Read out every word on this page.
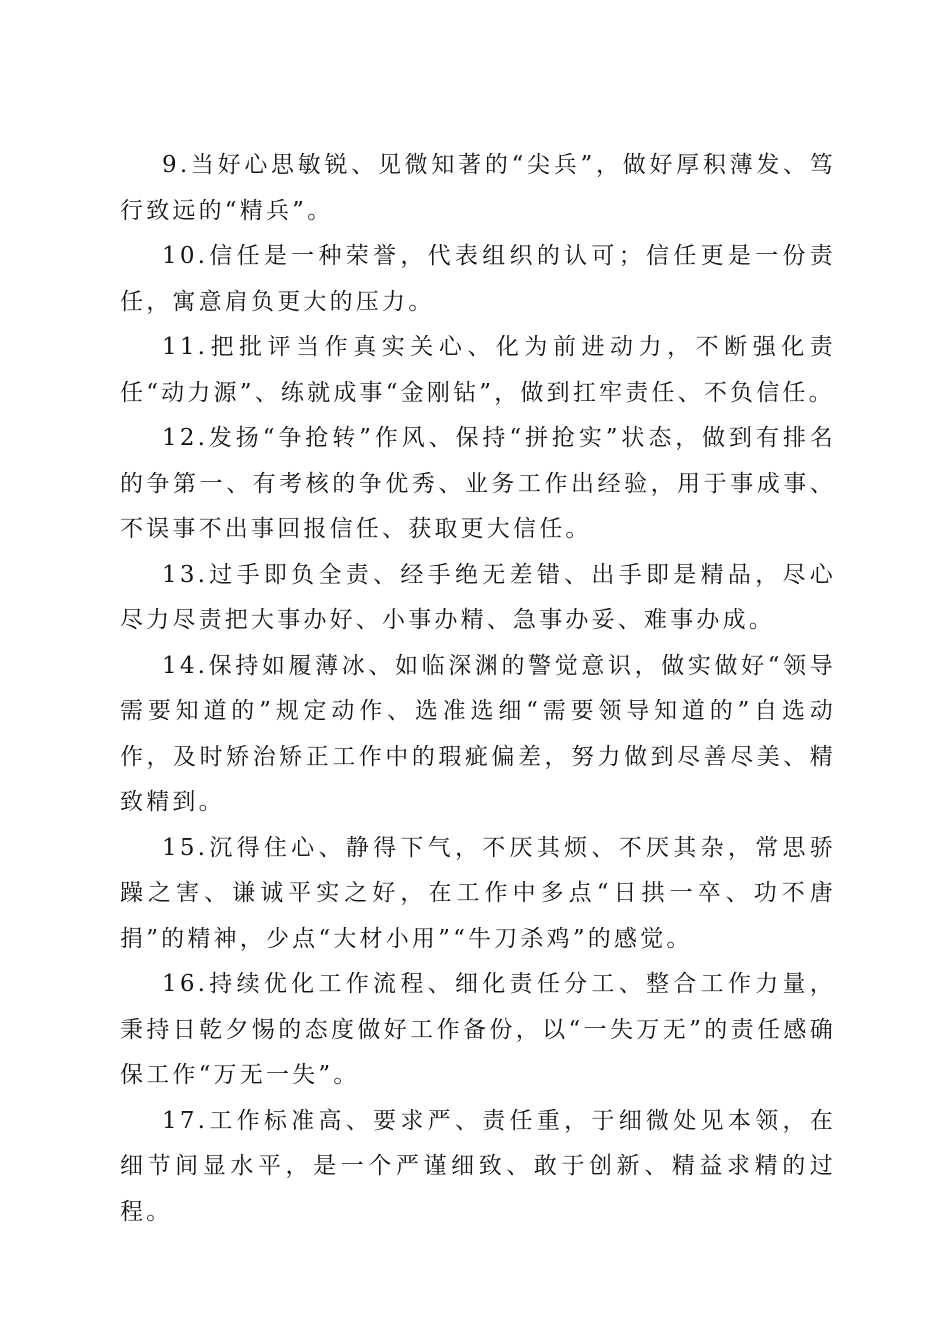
9.当好心思敏锐、见微知著的“尖兵”，做好厚积薄发、笃行致远的“精兵”。

10.信任是一种荣誉，代表组织的认可；信任更是一份责任，寓意肩负更大的压力。

11.把批评当作真实关心、化为前进动力，不断强化责任“动力源”、练就成事“金刚钻”，做到扛牢责任、不负信任。

12.发扬“争抢转”作风、保持“拼抢实”状态，做到有排名的争第一、有考核的争优秀、业务工作出经验，用于事成事、不误事不出事回报信任、获取更大信任。

13.过手即负全责、经手绝无差错、出手即是精品，尽心尽力尽责把大事办好、小事办精、急事办妥、难事办成。

14.保持如履薄冰、如临深渊的警觉意识，做实做好“领导需要知道的”规定动作、选准选细“需要领导知道的”自选动作，及时矫治矫正工作中的瑕疵偏差，努力做到尽善尽美、精致精到。

15.沉得住心、静得下气，不厌其烦、不厌其杂，常思骄躁之害、谦诚平实之好，在工作中多点“日拱一卒、功不唐捐”的精神，少点“大材小用”“牛刀杀鸡”的感觉。

16.持续优化工作流程、细化责任分工、整合工作力量，秉持日乾夕惕的态度做好工作备份，以“一失万无”的责任感确保工作“万无一失”。

17.工作标准高、要求严、责任重，于细微处见本领，在细节间显水平，是一个严谨细致、敢于创新、精益求精的过程。
